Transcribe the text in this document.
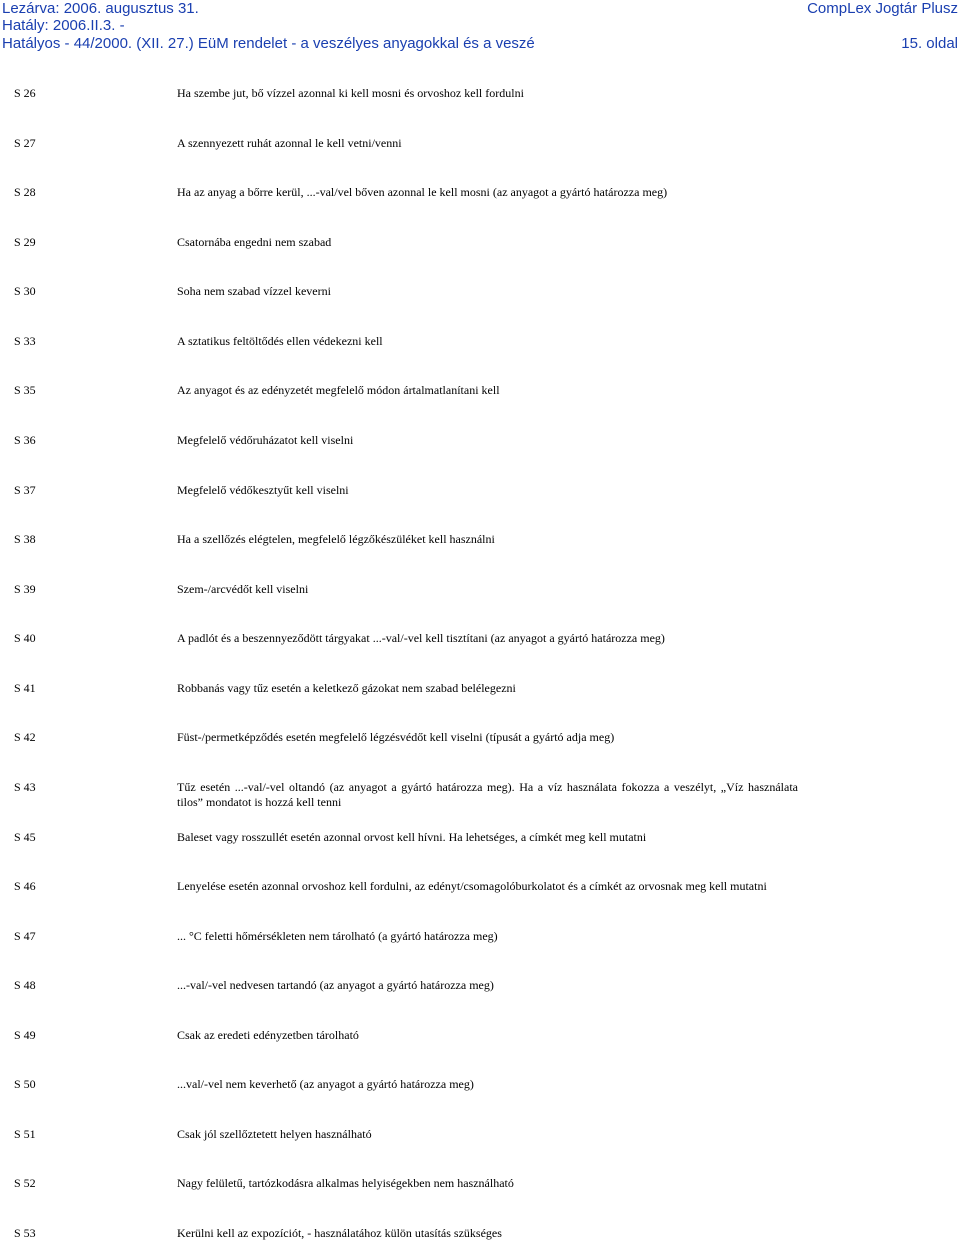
Lezárva: 2006. augusztus 31.	CompLex Jogtár Plusz
Hatály: 2006.II.3. -
Hatályos - 44/2000. (XII. 27.) EüM rendelet - a veszélyes anyagokkal és a veszé	15. oldal
S 26	Ha szembe jut, bő vízzel azonnal ki kell mosni és orvoshoz kell fordulni
S 27	A szennyezett ruhát azonnal le kell vetni/venni
S 28	Ha az anyag a bőrre kerül, ...-val/vel bőven azonnal le kell mosni (az anyagot a gyártó határozza meg)
S 29	Csatornába engedni nem szabad
S 30	Soha nem szabad vízzel keverni
S 33	A sztatikus feltöltődés ellen védekezni kell
S 35	Az anyagot és az edényzetét megfelelő módon ártalmatlanítani kell
S 36	Megfelelő védőruházatot kell viselni
S 37	Megfelelő védőkesztyűt kell viselni
S 38	Ha a szellőzés elégtelen, megfelelő légzőkészüléket kell használni
S 39	Szem-/arcvédőt kell viselni
S 40	A padlót és a beszennyeződött tárgyakat ...-val/-vel kell tisztítani (az anyagot a gyártó határozza meg)
S 41	Robbanás vagy tűz esetén a keletkező gázokat nem szabad belélegezni
S 42	Füst-/permetképződés esetén megfelelő légzésvédőt kell viselni (típusát a gyártó adja meg)
S 43	Tűz esetén ...-val/-vel oltandó (az anyagot a gyártó határozza meg). Ha a víz használata fokozza a veszélyt, „Víz használata tilos” mondatot is hozzá kell tenni
S 45	Baleset vagy rosszullét esetén azonnal orvost kell hívni. Ha lehetséges, a címkét meg kell mutatni
S 46	Lenyelése esetén azonnal orvoshoz kell fordulni, az edényt/csomagolóburkolatot és a címkét az orvosnak meg kell mutatni
S 47	... °C feletti hőmérsékleten nem tárolható (a gyártó határozza meg)
S 48	...-val/-vel nedvesen tartandó (az anyagot a gyártó határozza meg)
S 49	Csak az eredeti edényzetben tárolható
S 50	...val/-vel nem keverhető (az anyagot a gyártó határozza meg)
S 51	Csak jól szellőztetett helyen használható
S 52	Nagy felületű, tartózkodásra alkalmas helyiségekben nem használható
S 53	Kerülni kell az expozíciót, - használatához külön utasítás szükséges
